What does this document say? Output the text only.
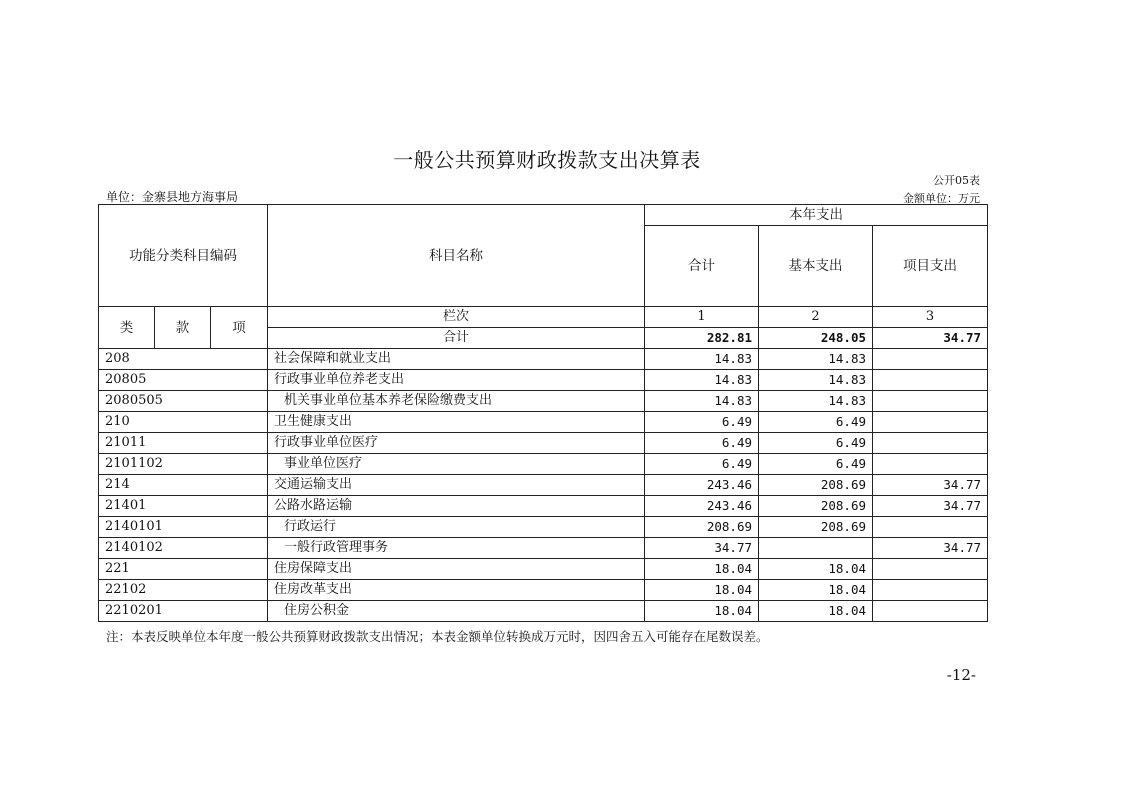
一般公共预算财政拨款支出决算表
公开05表
单位：金寨县地方海事局	金额单位：万元
功能分类科目编码			科目名称	本年支出		
				合计	基本支出	项目支出
类	款	项	栏次	1	2	3
			合计	282.81	248.05	34.77
208			社会保障和就业支出	14.83	14.83	
20805			行政事业单位养老支出	14.83	14.83	
2080505			机关事业单位基本养老保险缴费支出	14.83	14.83	
210			卫生健康支出	6.49	6.49	
21011			行政事业单位医疗	6.49	6.49	
2101102			事业单位医疗	6.49	6.49	
214			交通运输支出	243.46	208.69	34.77
21401			公路水路运输	243.46	208.69	34.77
2140101			行政运行	208.69	208.69	
2140102			一般行政管理事务	34.77		34.77
221			住房保障支出	18.04	18.04	
22102			住房改革支出	18.04	18.04	
2210201			住房公积金	18.04	18.04	
注：本表反映单位本年度一般公共预算财政拨款支出情况；本表金额单位转换成万元时，因四舍五入可能存在尾数误差。
-12-
